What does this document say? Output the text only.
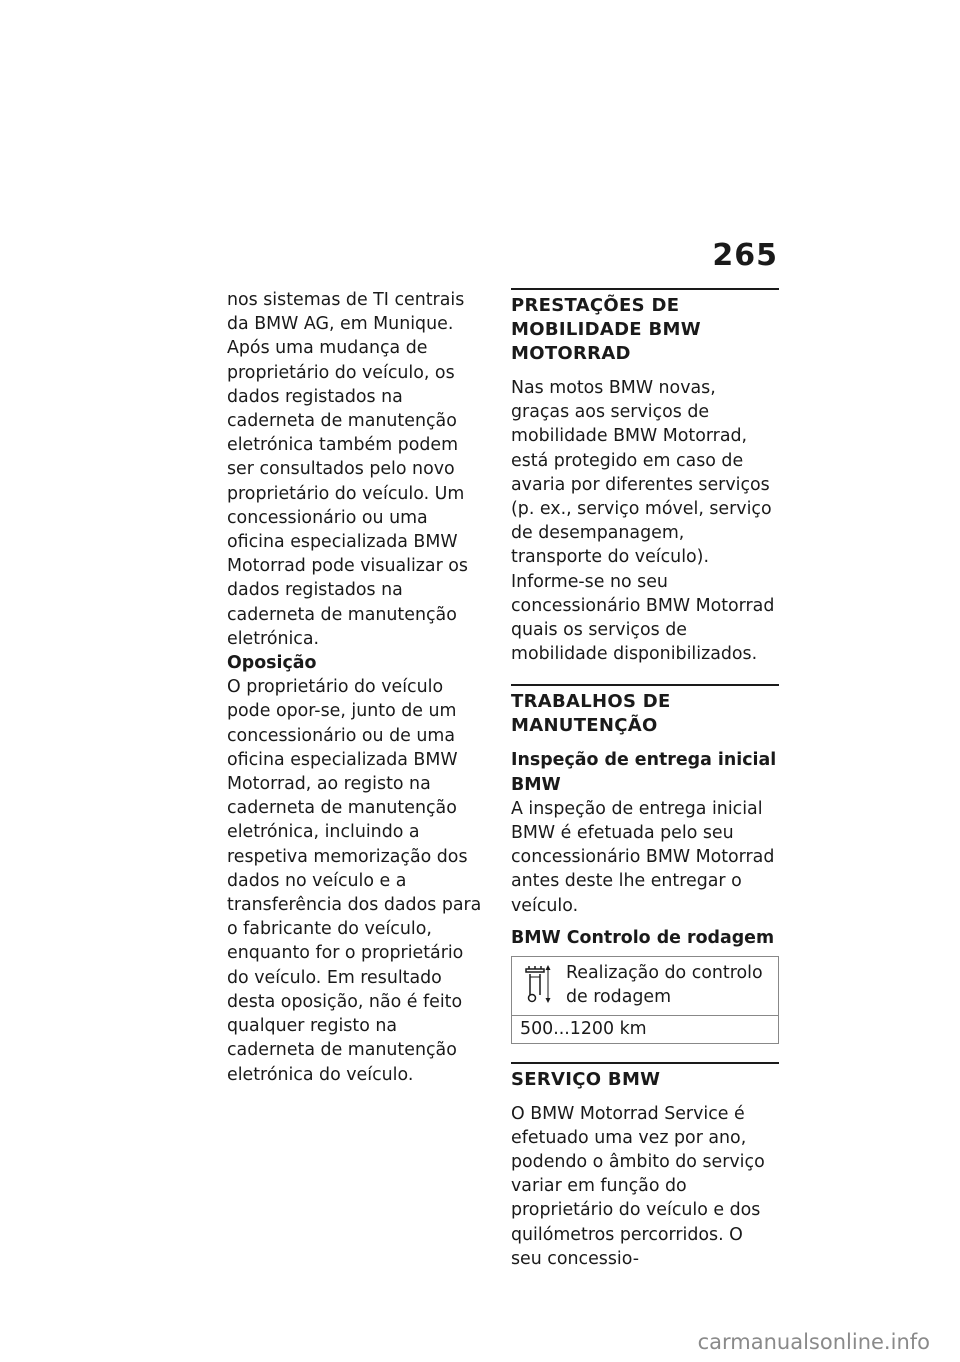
265

nos sistemas de TI centrais da BMW AG, em Munique.

Após uma mudança de proprietário do veículo, os dados registados na caderneta de manutenção eletrónica também podem ser consultados pelo novo proprietário do veículo. Um concessionário ou uma oficina especializada BMW Motorrad pode visualizar os dados registados na caderneta de manutenção eletrónica.

Oposição

O proprietário do veículo pode opor-se, junto de um concessionário ou de uma oficina especializada BMW Motorrad, ao registo na caderneta de manutenção eletrónica, incluindo a respetiva memorização dos dados no veículo e a transferência dos dados para o fabricante do veículo, enquanto for o proprietário do veículo. Em resultado desta oposição, não é feito qualquer registo na caderneta de manutenção eletrónica do veículo.

PRESTAÇÕES DE MOBILIDADE BMW MOTORRAD

Nas motos BMW novas, graças aos serviços de mobilidade BMW Motorrad, está protegido em caso de avaria por diferentes serviços (p. ex., serviço móvel, serviço de desempanagem, transporte do veículo). Informe-se no seu concessionário BMW Motorrad quais os serviços de mobilidade disponibilizados.

TRABALHOS DE MANUTENÇÃO

Inspeção de entrega inicial BMW

A inspeção de entrega inicial BMW é efetuada pelo seu concessionário BMW Motorrad antes deste lhe entregar o veículo.

BMW Controlo de rodagem

Realização do controlo de rodagem
500...1200 km
SERVIÇO BMW

O BMW Motorrad Service é efetuado uma vez por ano, podendo o âmbito do serviço variar em função do proprietário do veículo e dos quilómetros percorridos. O seu concessio-

carmanualsonline.info
